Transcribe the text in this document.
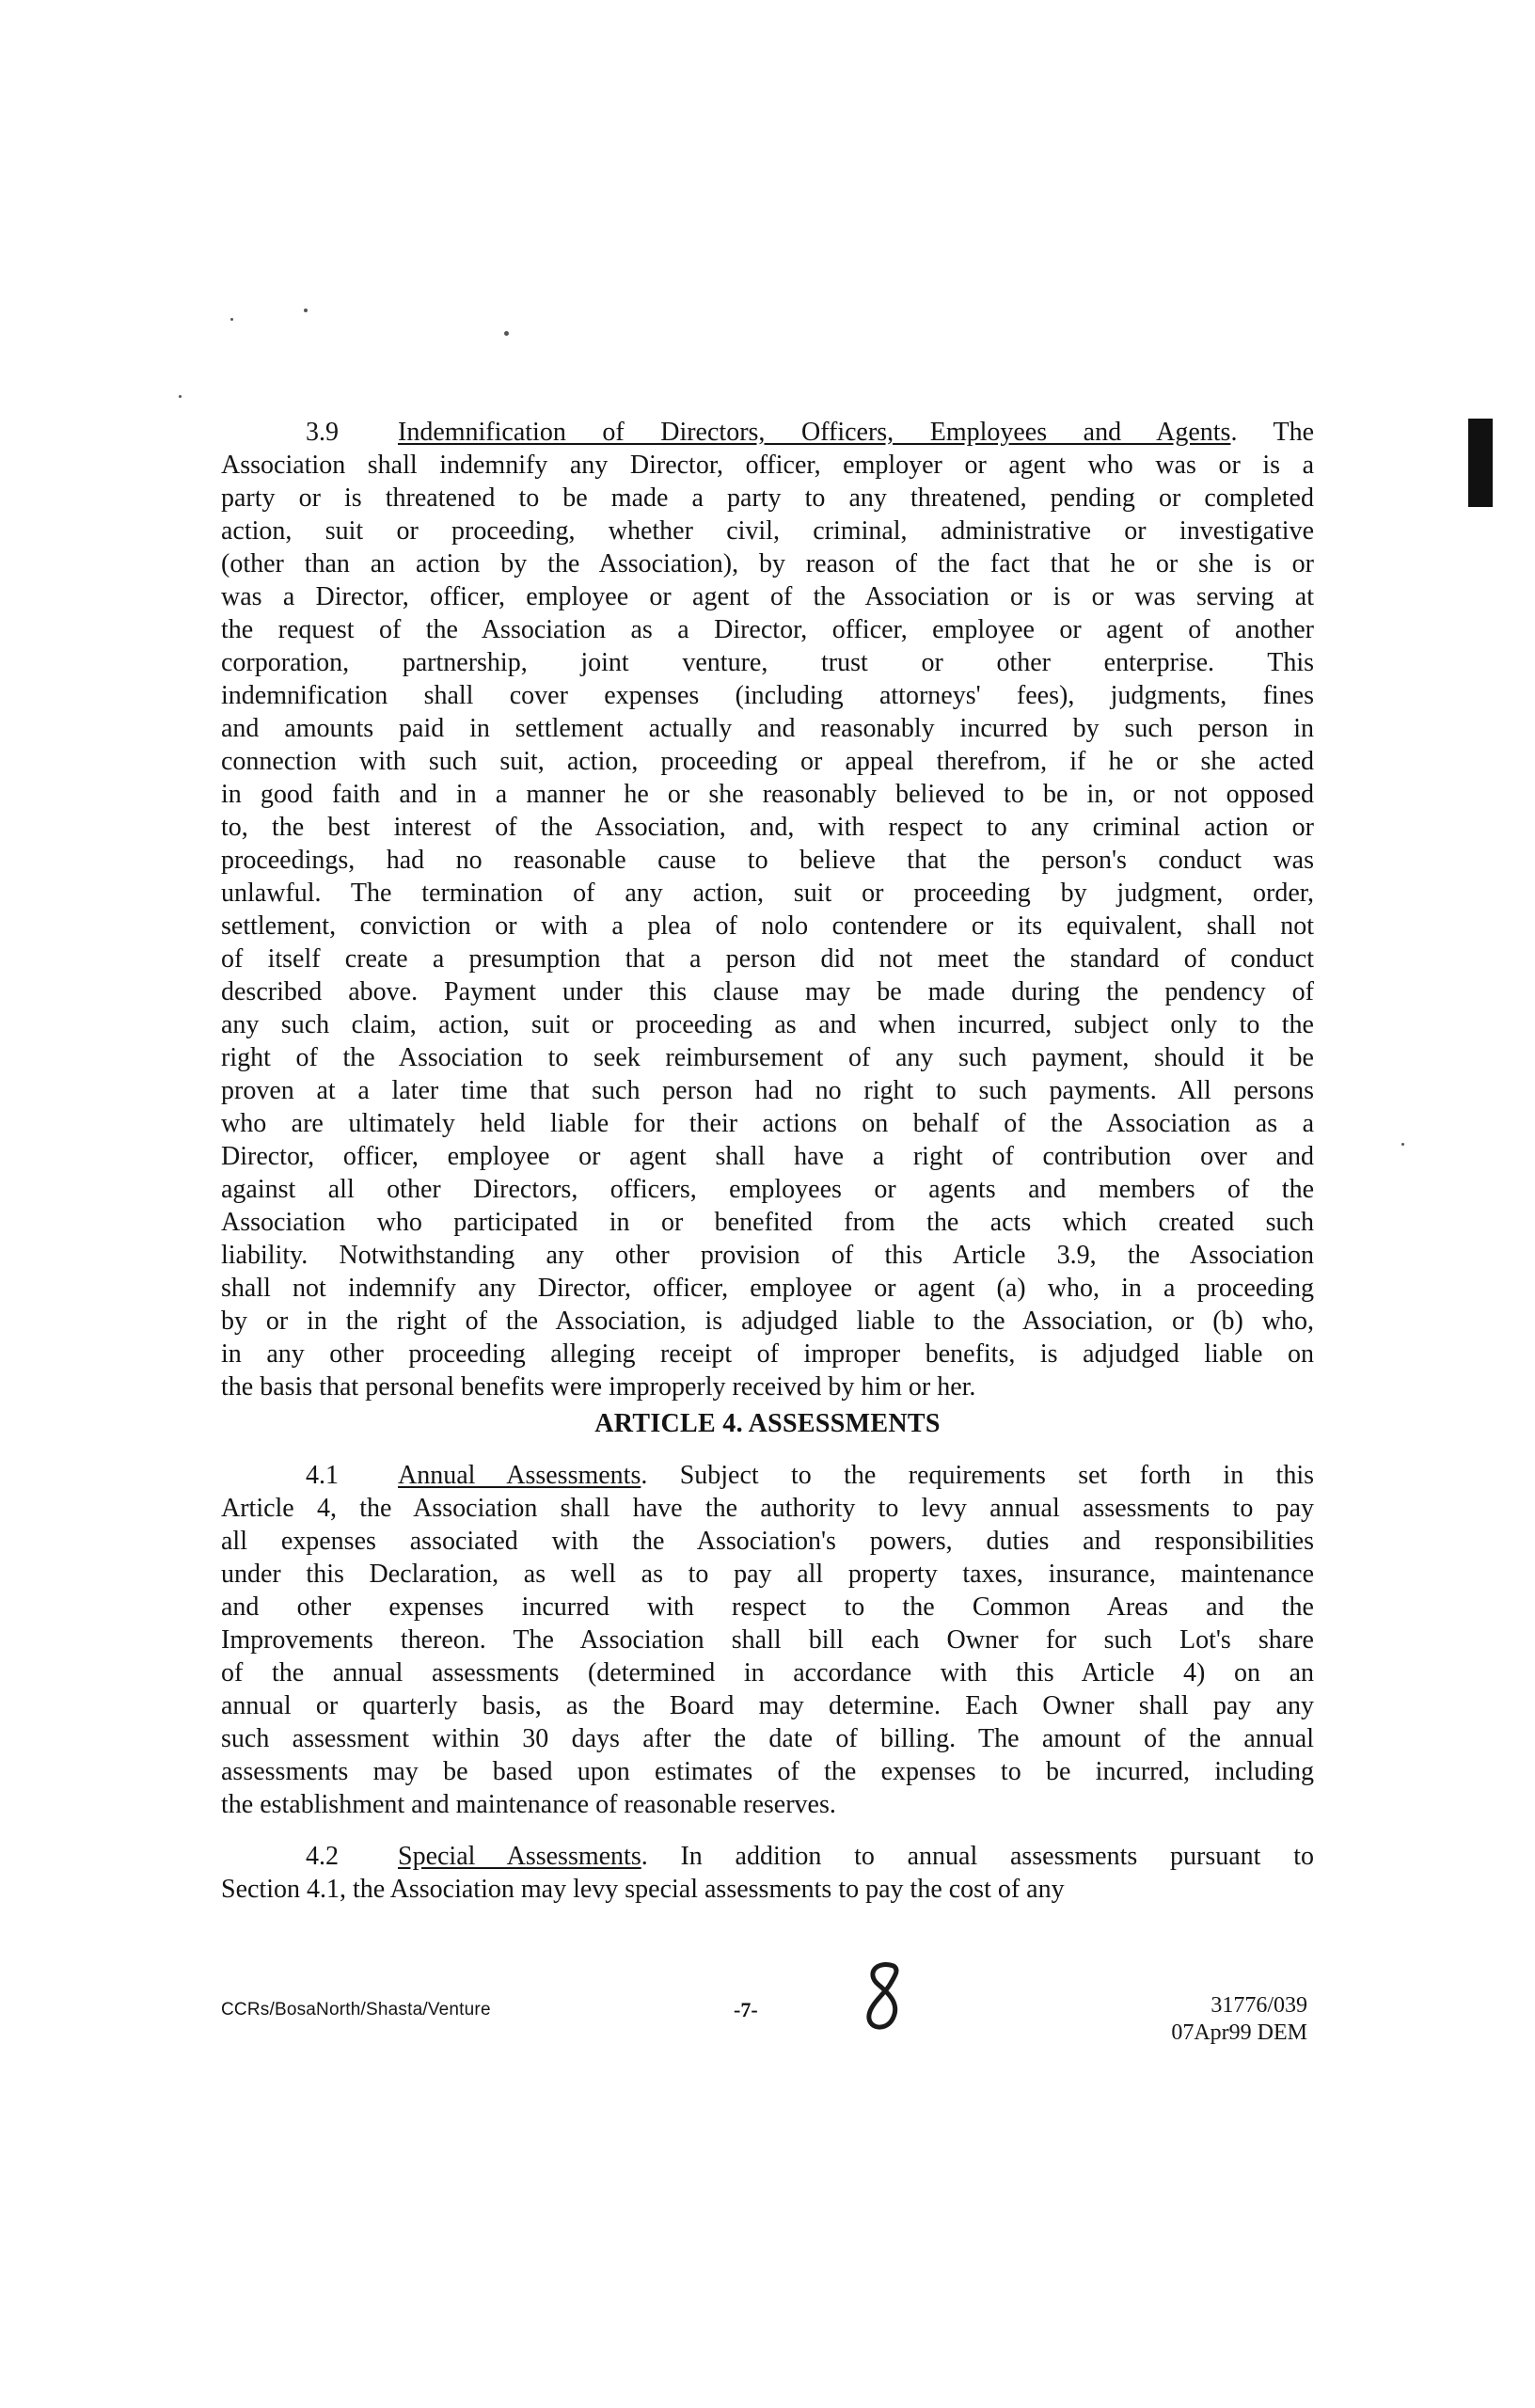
3.9 Indemnification of Directors, Officers, Employees and Agents. The
Association shall indemnify any Director, officer, employer or agent who was or is a
party or is threatened to be made a party to any threatened, pending or completed
action, suit or proceeding, whether civil, criminal, administrative or investigative
(other than an action by the Association), by reason of the fact that he or she is or
was a Director, officer, employee or agent of the Association or is or was serving at
the request of the Association as a Director, officer, employee or agent of another
corporation, partnership, joint venture, trust or other enterprise. This
indemnification shall cover expenses (including attorneys' fees), judgments, fines
and amounts paid in settlement actually and reasonably incurred by such person in
connection with such suit, action, proceeding or appeal therefrom, if he or she acted
in good faith and in a manner he or she reasonably believed to be in, or not opposed
to, the best interest of the Association, and, with respect to any criminal action or
proceedings, had no reasonable cause to believe that the person's conduct was
unlawful. The termination of any action, suit or proceeding by judgment, order,
settlement, conviction or with a plea of nolo contendere or its equivalent, shall not
of itself create a presumption that a person did not meet the standard of conduct
described above. Payment under this clause may be made during the pendency of
any such claim, action, suit or proceeding as and when incurred, subject only to the
right of the Association to seek reimbursement of any such payment, should it be
proven at a later time that such person had no right to such payments. All persons
who are ultimately held liable for their actions on behalf of the Association as a
Director, officer, employee or agent shall have a right of contribution over and
against all other Directors, officers, employees or agents and members of the
Association who participated in or benefited from the acts which created such
liability. Notwithstanding any other provision of this Article 3.9, the Association
shall not indemnify any Director, officer, employee or agent (a) who, in a proceeding
by or in the right of the Association, is adjudged liable to the Association, or (b) who,
in any other proceeding alleging receipt of improper benefits, is adjudged liable on
the basis that personal benefits were improperly received by him or her.
ARTICLE 4. ASSESSMENTS
4.1 Annual Assessments. Subject to the requirements set forth in this
Article 4, the Association shall have the authority to levy annual assessments to pay
all expenses associated with the Association's powers, duties and responsibilities
under this Declaration, as well as to pay all property taxes, insurance, maintenance
and other expenses incurred with respect to the Common Areas and the
Improvements thereon. The Association shall bill each Owner for such Lot's share
of the annual assessments (determined in accordance with this Article 4) on an
annual or quarterly basis, as the Board may determine. Each Owner shall pay any
such assessment within 30 days after the date of billing. The amount of the annual
assessments may be based upon estimates of the expenses to be incurred, including
the establishment and maintenance of reasonable reserves.
4.2 Special Assessments. In addition to annual assessments pursuant to
Section 4.1, the Association may levy special assessments to pay the cost of any
CCRs/BosaNorth/Shasta/Venture	-7-	31776/039
07Apr99 DEM
